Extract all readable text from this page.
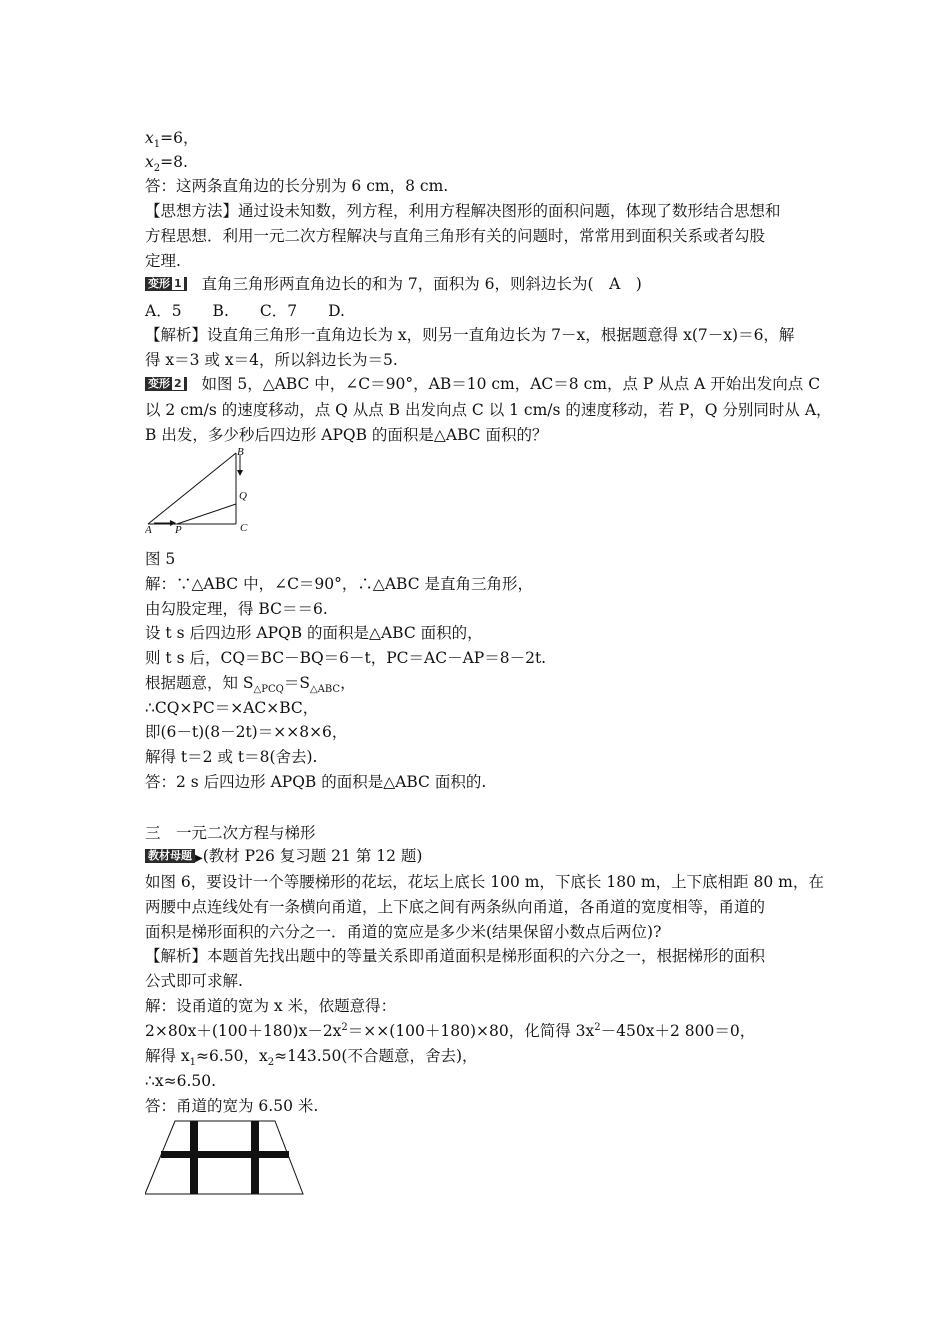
$x_1=6$，
$x_2=8$.
答：这两条直角边的长分别为 6 cm，8 cm.
【思想方法】通过设未知数，列方程，利用方程解决图形的面积问题，体现了数形结合思想和
方程思想．利用一元二次方程解决与直角三角形有关的问题时，常常用到面积关系或者勾股
定理.
变形 1 直角三角形两直角边长的和为 7，面积为 6，则斜边长为(　A　)
A．5　　B.　　C．7　　D.
【解析】设直角三角形一直角边长为 x，则另一直角边长为 7－x，根据题意得 x(7－x)＝6，解
得 x＝3 或 x＝4，所以斜边长为＝5.
变形 2 如图 5，△ABC 中，∠C＝90°，AB＝10 cm，AC＝8 cm，点 P 从点 A 开始出发向点 C
以 2 cm/s 的速度移动，点 Q 从点 B 出发向点 C 以 1 cm/s 的速度移动，若 P，Q 分别同时从 A，
B 出发，多少秒后四边形 APQB 的面积是△ABC 面积的？
B
Q
C
A P
图 5
解：∵△ABC 中，∠C＝90°，∴△ABC 是直角三角形，
由勾股定理，得 BC＝＝6.
设 t s 后四边形 APQB 的面积是△ABC 面积的，
则 t s 后，CQ＝BC－BQ＝6－t，PC＝AC－AP＝8－2t.
根据题意，知 $S_{\triangle PCQ}=S_{\triangle ABC}$，
∴CQ×PC＝×AC×BC，
即(6－t)(8－2t)＝××8×6，
解得 t＝2 或 t＝8(舍去).
答：2 s 后四边形 APQB 的面积是△ABC 面积的.
三　一元二次方程与梯形
教材母题 ▶(教材 P26 复习题 21 第 12 题)
如图 6，要设计一个等腰梯形的花坛，花坛上底长 100 m，下底长 180 m，上下底相距 80 m，在
两腰中点连线处有一条横向甬道，上下底之间有两条纵向甬道，各甬道的宽度相等，甬道的
面积是梯形面积的六分之一．甬道的宽应是多少米(结果保留小数点后两位)?
【解析】本题首先找出题中的等量关系即甬道面积是梯形面积的六分之一，根据梯形的面积
公式即可求解.
解：设甬道的宽为 x 米，依题意得：
$2\times 80x+(100+180)x-2x^2=\times\times(100+180)\times 80$，化简得 $3x^2-450x+2$ 800＝0，
解得 $x_1\approx 6.50$，$x_2\approx 143.50$(不合题意，舍去)，
∴x≈6.50.
答：甬道的宽为 6.50 米.
